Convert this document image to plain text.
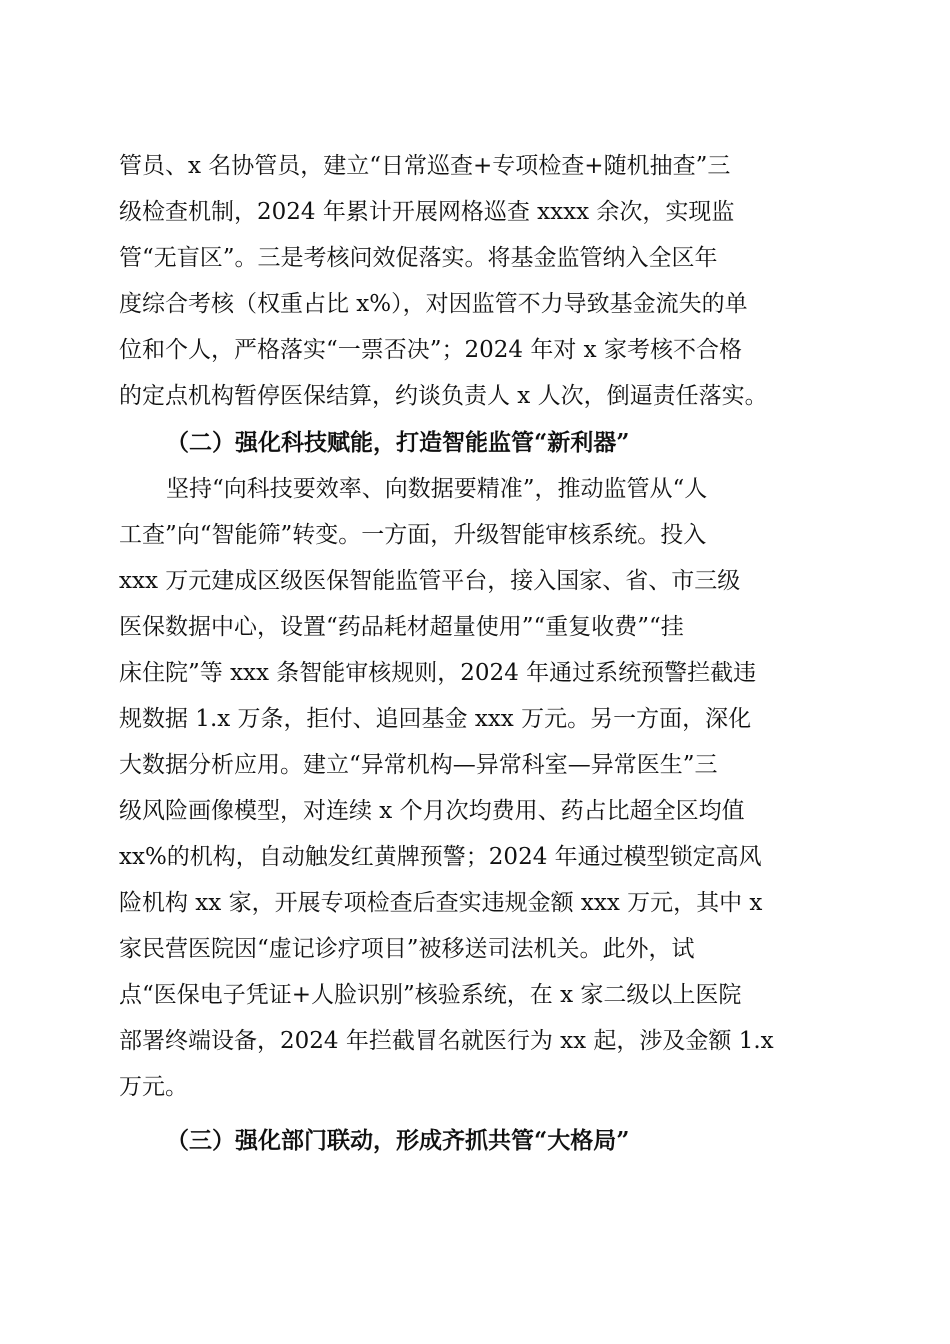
管员、x 名协管员，建立“日常巡查+专项检查+随机抽查”三
级检查机制，2024 年累计开展网格巡查 xxxx 余次，实现监
管“无盲区”。三是考核问效促落实。将基金监管纳入全区年
度综合考核（权重占比 x%），对因监管不力导致基金流失的单
位和个人，严格落实“一票否决”；2024 年对 x 家考核不合格
的定点机构暂停医保结算，约谈负责人 x 人次，倒逼责任落实。
（二）强化科技赋能，打造智能监管“新利器”
坚持“向科技要效率、向数据要精准”，推动监管从“人
工查”向“智能筛”转变。一方面，升级智能审核系统。投入
xxx 万元建成区级医保智能监管平台，接入国家、省、市三级
医保数据中心，设置“药品耗材超量使用”“重复收费”“挂
床住院”等 xxx 条智能审核规则，2024 年通过系统预警拦截违
规数据 1.x 万条，拒付、追回基金 xxx 万元。另一方面，深化
大数据分析应用。建立“异常机构—异常科室—异常医生”三
级风险画像模型，对连续 x 个月次均费用、药占比超全区均值
xx%的机构，自动触发红黄牌预警；2024 年通过模型锁定高风
险机构 xx 家，开展专项检查后查实违规金额 xxx 万元，其中 x
家民营医院因“虚记诊疗项目”被移送司法机关。此外，试
点“医保电子凭证+人脸识别”核验系统，在 x 家二级以上医院
部署终端设备，2024 年拦截冒名就医行为 xx 起，涉及金额 1.x
万元。
（三）强化部门联动，形成齐抓共管“大格局”
